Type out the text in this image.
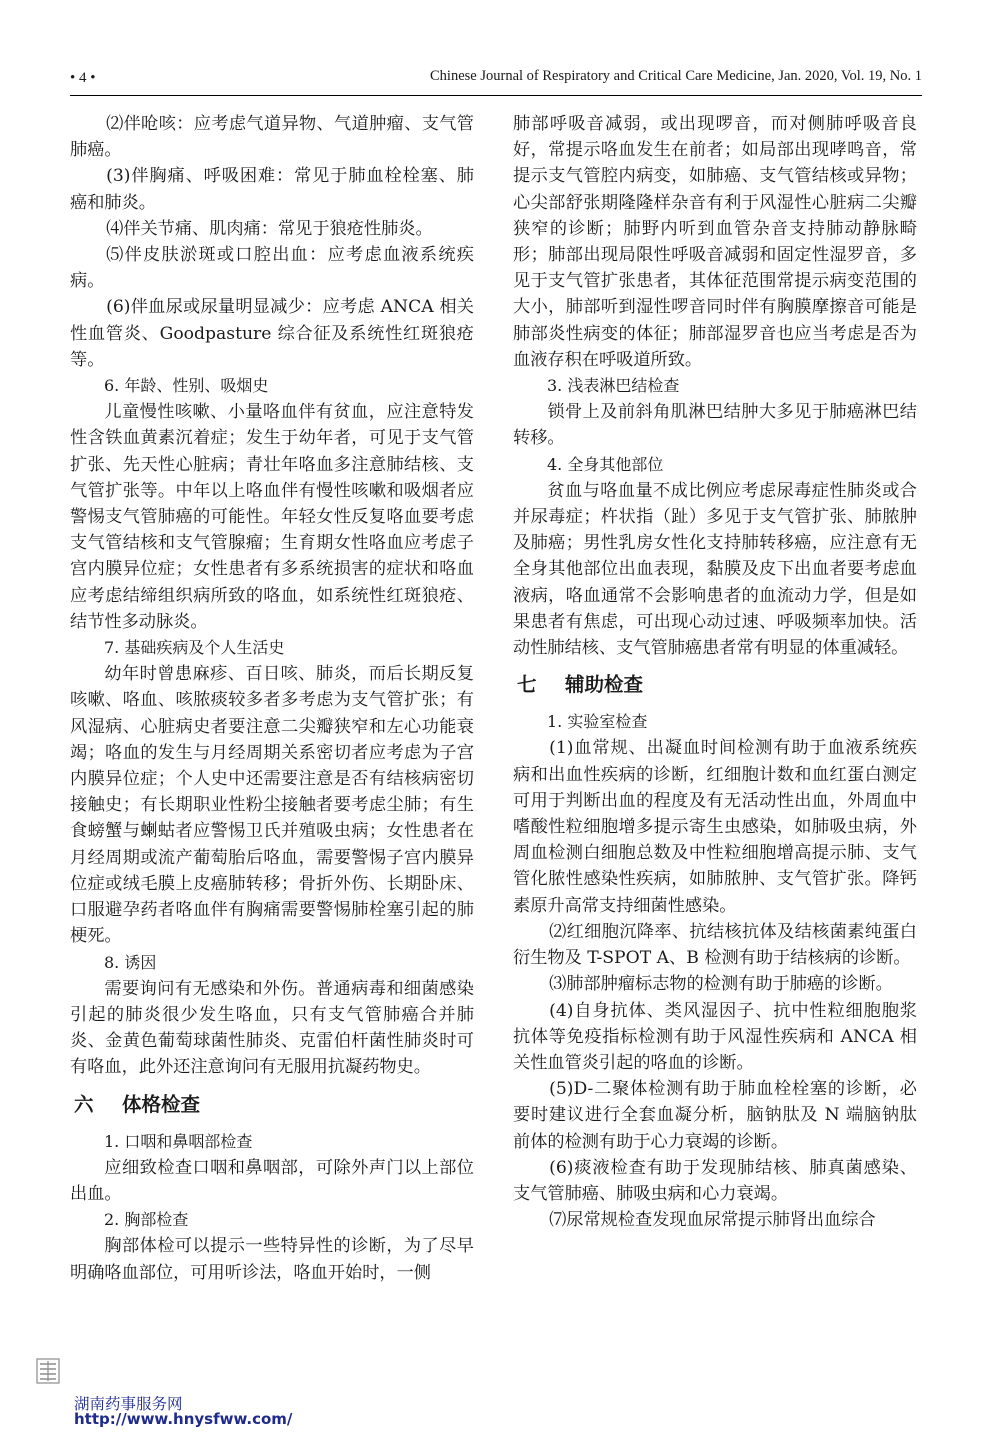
• 4 •	Chinese Journal of Respiratory and Critical Care Medicine, Jan. 2020, Vol. 19, No. 1

⑵伴呛咳：应考虑气道异物、气道肿瘤、支气管肺癌。

(3)伴胸痛、呼吸困难：常见于肺血栓栓塞、肺癌和肺炎。

⑷伴关节痛、肌肉痛：常见于狼疮性肺炎。

⑸伴皮肤淤斑或口腔出血：应考虑血液系统疾病。

(6)伴血尿或尿量明显减少：应考虑 ANCA 相关性血管炎、Goodpasture 综合征及系统性红斑狼疮等。

6. 年龄、性别、吸烟史

儿童慢性咳嗽、小量咯血伴有贫血，应注意特发性含铁血黄素沉着症；发生于幼年者，可见于支气管扩张、先天性心脏病；青壮年咯血多注意肺结核、支气管扩张等。中年以上咯血伴有慢性咳嗽和吸烟者应警惕支气管肺癌的可能性。年轻女性反复咯血要考虑支气管结核和支气管腺瘤；生育期女性咯血应考虑子宫内膜异位症；女性患者有多系统损害的症状和咯血应考虑结缔组织病所致的咯血，如系统性红斑狼疮、结节性多动脉炎。

7. 基础疾病及个人生活史

幼年时曾患麻疹、百日咳、肺炎，而后长期反复咳嗽、咯血、咳脓痰较多者多考虑为支气管扩张；有风湿病、心脏病史者要注意二尖瓣狭窄和左心功能衰竭；咯血的发生与月经周期关系密切者应考虑为子宫内膜异位症；个人史中还需要注意是否有结核病密切接触史；有长期职业性粉尘接触者要考虑尘肺；有生食螃蟹与蝲蛄者应警惕卫氏并殖吸虫病；女性患者在月经周期或流产葡萄胎后咯血，需要警惕子宫内膜异位症或绒毛膜上皮癌肺转移；骨折外伤、长期卧床、口服避孕药者咯血伴有胸痛需要警惕肺栓塞引起的肺梗死。

8. 诱因

需要询问有无感染和外伤。普通病毒和细菌感染引起的肺炎很少发生咯血，只有支气管肺癌合并肺炎、金黄色葡萄球菌性肺炎、克雷伯杆菌性肺炎时可有咯血，此外还注意询问有无服用抗凝药物史。

六 体格检查

1. 口咽和鼻咽部检查

应细致检查口咽和鼻咽部，可除外声门以上部位出血。

2. 胸部检查

胸部体检可以提示一些特异性的诊断，为了尽早明确咯血部位，可用听诊法，咯血开始时，一侧

肺部呼吸音减弱，或出现啰音，而对侧肺呼吸音良好，常提示咯血发生在前者；如局部出现哮鸣音，常提示支气管腔内病变，如肺癌、支气管结核或异物；心尖部舒张期隆隆样杂音有利于风湿性心脏病二尖瓣狭窄的诊断；肺野内听到血管杂音支持肺动静脉畸形；肺部出现局限性呼吸音减弱和固定性湿罗音，多见于支气管扩张患者，其体征范围常提示病变范围的大小，肺部听到湿性啰音同时伴有胸膜摩擦音可能是肺部炎性病变的体征；肺部湿罗音也应当考虑是否为血液存积在呼吸道所致。

3. 浅表淋巴结检查

锁骨上及前斜角肌淋巴结肿大多见于肺癌淋巴结转移。

4. 全身其他部位

贫血与咯血量不成比例应考虑尿毒症性肺炎或合并尿毒症；杵状指（趾）多见于支气管扩张、肺脓肿及肺癌；男性乳房女性化支持肺转移癌，应注意有无全身其他部位出血表现，黏膜及皮下出血者要考虑血液病，咯血通常不会影响患者的血流动力学，但是如果患者有焦虑，可出现心动过速、呼吸频率加快。活动性肺结核、支气管肺癌患者常有明显的体重减轻。

七 辅助检查

1. 实验室检查

(1)血常规、出凝血时间检测有助于血液系统疾病和出血性疾病的诊断，红细胞计数和血红蛋白测定可用于判断出血的程度及有无活动性出血，外周血中嗜酸性粒细胞增多提示寄生虫感染，如肺吸虫病，外周血检测白细胞总数及中性粒细胞增高提示肺、支气管化脓性感染性疾病，如肺脓肿、支气管扩张。降钙素原升高常支持细菌性感染。

⑵红细胞沉降率、抗结核抗体及结核菌素纯蛋白衍生物及 T-SPOT A、B 检测有助于结核病的诊断。

⑶肺部肿瘤标志物的检测有助于肺癌的诊断。

(4)自身抗体、类风湿因子、抗中性粒细胞胞浆抗体等免疫指标检测有助于风湿性疾病和 ANCA 相关性血管炎引起的咯血的诊断。

(5)D-二聚体检测有助于肺血栓栓塞的诊断，必要时建议进行全套血凝分析，脑钠肽及 N 端脑钠肽前体的检测有助于心力衰竭的诊断。

(6)痰液检查有助于发现肺结核、肺真菌感染、支气管肺癌、肺吸虫病和心力衰竭。

⑺尿常规检查发现血尿常提示肺肾出血综合

湖南药事服务网
http://www.hnysfww.com/
